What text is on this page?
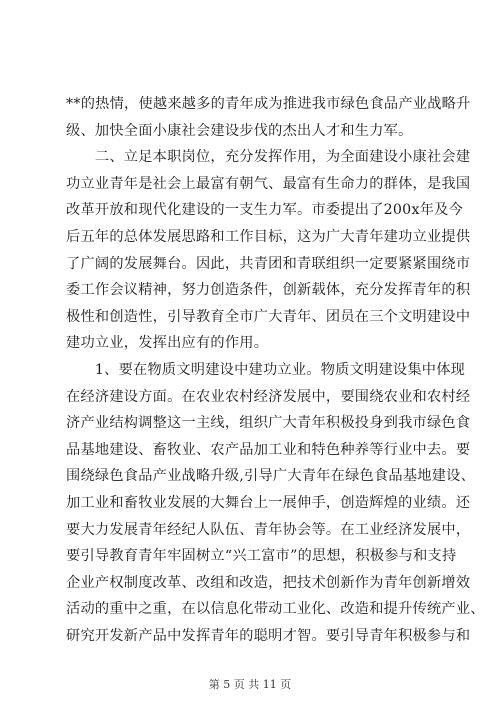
**的热情，使越来越多的青年成为推进我市绿色食品产业战略升
级、加快全面小康社会建设步伐的杰出人才和生力军。
　　二、立足本职岗位，充分发挥作用，为全面建设小康社会建
功立业青年是社会上最富有朝气、最富有生命力的群体，是我国
改革开放和现代化建设的一支生力军。市委提出了200x年及今
后五年的总体发展思路和工作目标，这为广大青年建功立业提供
了广阔的发展舞台。因此，共青团和青联组织一定要紧紧围绕市
委工作会议精神，努力创造条件，创新载体，充分发挥青年的积
极性和创造性，引导教育全市广大青年、团员在三个文明建设中
建功立业，发挥出应有的作用。
　　1、要在物质文明建设中建功立业。物质文明建设集中体现
在经济建设方面。在农业农村经济发展中，要围绕农业和农村经
济产业结构调整这一主线，组织广大青年积极投身到我市绿色食
品基地建设、畜牧业、农产品加工业和特色种养等行业中去。要
围绕绿色食品产业战略升级,引导广大青年在绿色食品基地建设、
加工业和畜牧业发展的大舞台上一展伸手，创造辉煌的业绩。还
要大力发展青年经纪人队伍、青年协会等。在工业经济发展中，
要引导教育青年牢固树立“兴工富市”的思想，积极参与和支持
企业产权制度改革、改组和改造，把技术创新作为青年创新增效
活动的重中之重，在以信息化带动工业化、改造和提升传统产业、
研究开发新产品中发挥青年的聪明才智。要引导青年积极参与和
第 5 页 共 11 页
